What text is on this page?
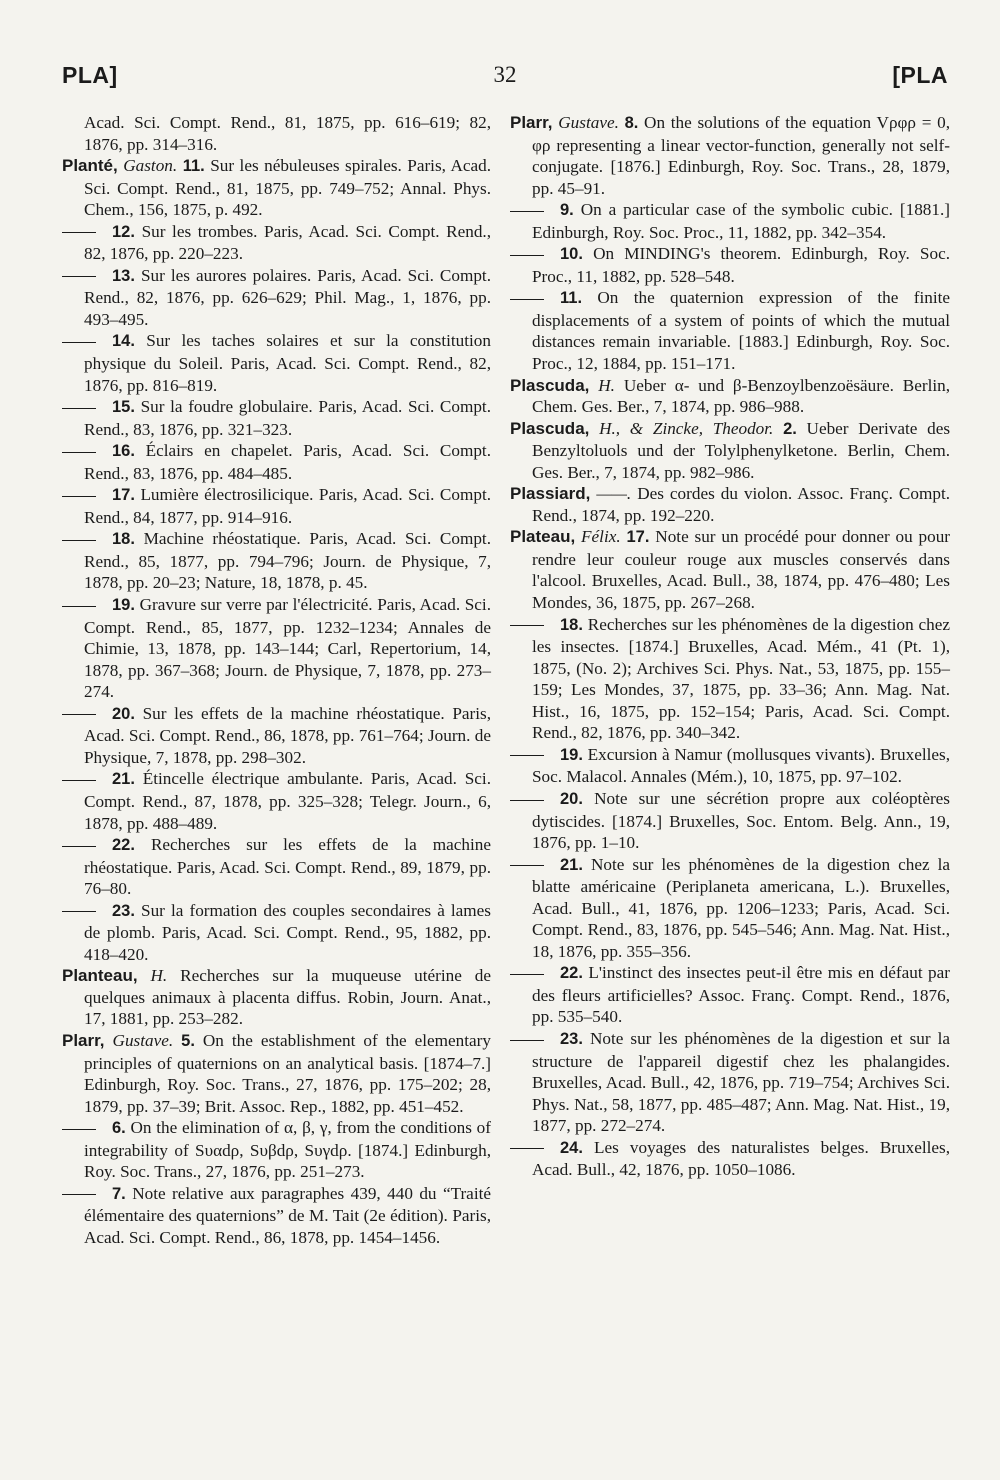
PLA]	32	[PLA

Acad. Sci. Compt. Rend., 81, 1875, pp. 616–619; 82, 1876, pp. 314–316.

Planté, Gaston. 11. Sur les nébuleuses spirales. Paris, Acad. Sci. Compt. Rend., 81, 1875, pp. 749–752; Annal. Phys. Chem., 156, 1875, p. 492.

12. Sur les trombes. Paris, Acad. Sci. Compt. Rend., 82, 1876, pp. 220–223.

13. Sur les aurores polaires. Paris, Acad. Sci. Compt. Rend., 82, 1876, pp. 626–629; Phil. Mag., 1, 1876, pp. 493–495.

14. Sur les taches solaires et sur la constitution physique du Soleil. Paris, Acad. Sci. Compt. Rend., 82, 1876, pp. 816–819.

15. Sur la foudre globulaire. Paris, Acad. Sci. Compt. Rend., 83, 1876, pp. 321–323.

16. Éclairs en chapelet. Paris, Acad. Sci. Compt. Rend., 83, 1876, pp. 484–485.

17. Lumière électrosilicique. Paris, Acad. Sci. Compt. Rend., 84, 1877, pp. 914–916.

18. Machine rhéostatique. Paris, Acad. Sci. Compt. Rend., 85, 1877, pp. 794–796; Journ. de Physique, 7, 1878, pp. 20–23; Nature, 18, 1878, p. 45.

19. Gravure sur verre par l'électricité. Paris, Acad. Sci. Compt. Rend., 85, 1877, pp. 1232–1234; Annales de Chimie, 13, 1878, pp. 143–144; Carl, Repertorium, 14, 1878, pp. 367–368; Journ. de Physique, 7, 1878, pp. 273–274.

20. Sur les effets de la machine rhéostatique. Paris, Acad. Sci. Compt. Rend., 86, 1878, pp. 761–764; Journ. de Physique, 7, 1878, pp. 298–302.

21. Étincelle électrique ambulante. Paris, Acad. Sci. Compt. Rend., 87, 1878, pp. 325–328; Telegr. Journ., 6, 1878, pp. 488–489.

22. Recherches sur les effets de la machine rhéostatique. Paris, Acad. Sci. Compt. Rend., 89, 1879, pp. 76–80.

23. Sur la formation des couples secondaires à lames de plomb. Paris, Acad. Sci. Compt. Rend., 95, 1882, pp. 418–420.

Planteau, H. Recherches sur la muqueuse utérine de quelques animaux à placenta diffus. Robin, Journ. Anat., 17, 1881, pp. 253–282.

Plarr, Gustave. 5. On the establishment of the elementary principles of quaternions on an analytical basis. [1874–7.] Edinburgh, Roy. Soc. Trans., 27, 1876, pp. 175–202; 28, 1879, pp. 37–39; Brit. Assoc. Rep., 1882, pp. 451–452.

6. On the elimination of α, β, γ, from the conditions of integrability of Sυαdρ, Sυβdρ, Sυγdρ. [1874.] Edinburgh, Roy. Soc. Trans., 27, 1876, pp. 251–273.

7. Note relative aux paragraphes 439, 440 du “Traité élémentaire des quaternions” de M. Tait (2e édition). Paris, Acad. Sci. Compt. Rend., 86, 1878, pp. 1454–1456.

Plarr, Gustave. 8. On the solutions of the equation Vρφρ = 0, φρ representing a linear vector-function, generally not self-conjugate. [1876.] Edinburgh, Roy. Soc. Trans., 28, 1879, pp. 45–91.

9. On a particular case of the symbolic cubic. [1881.] Edinburgh, Roy. Soc. Proc., 11, 1882, pp. 342–354.

10. On MINDING's theorem. Edinburgh, Roy. Soc. Proc., 11, 1882, pp. 528–548.

11. On the quaternion expression of the finite displacements of a system of points of which the mutual distances remain invariable. [1883.] Edinburgh, Roy. Soc. Proc., 12, 1884, pp. 151–171.

Plascuda, H. Ueber α- und β-Benzoylbenzoësäure. Berlin, Chem. Ges. Ber., 7, 1874, pp. 986–988.

Plascuda, H., & Zincke, Theodor. 2. Ueber Derivate des Benzyltoluols und der Tolylphenylketone. Berlin, Chem. Ges. Ber., 7, 1874, pp. 982–986.

Plassiard, ——. Des cordes du violon. Assoc. Franç. Compt. Rend., 1874, pp. 192–220.

Plateau, Félix. 17. Note sur un procédé pour donner ou pour rendre leur couleur rouge aux muscles conservés dans l'alcool. Bruxelles, Acad. Bull., 38, 1874, pp. 476–480; Les Mondes, 36, 1875, pp. 267–268.

18. Recherches sur les phénomènes de la digestion chez les insectes. [1874.] Bruxelles, Acad. Mém., 41 (Pt. 1), 1875, (No. 2); Archives Sci. Phys. Nat., 53, 1875, pp. 155–159; Les Mondes, 37, 1875, pp. 33–36; Ann. Mag. Nat. Hist., 16, 1875, pp. 152–154; Paris, Acad. Sci. Compt. Rend., 82, 1876, pp. 340–342.

19. Excursion à Namur (mollusques vivants). Bruxelles, Soc. Malacol. Annales (Mém.), 10, 1875, pp. 97–102.

20. Note sur une sécrétion propre aux coléoptères dytiscides. [1874.] Bruxelles, Soc. Entom. Belg. Ann., 19, 1876, pp. 1–10.

21. Note sur les phénomènes de la digestion chez la blatte américaine (Periplaneta americana, L.). Bruxelles, Acad. Bull., 41, 1876, pp. 1206–1233; Paris, Acad. Sci. Compt. Rend., 83, 1876, pp. 545–546; Ann. Mag. Nat. Hist., 18, 1876, pp. 355–356.

22. L'instinct des insectes peut-il être mis en défaut par des fleurs artificielles? Assoc. Franç. Compt. Rend., 1876, pp. 535–540.

23. Note sur les phénomènes de la digestion et sur la structure de l'appareil digestif chez les phalangides. Bruxelles, Acad. Bull., 42, 1876, pp. 719–754; Archives Sci. Phys. Nat., 58, 1877, pp. 485–487; Ann. Mag. Nat. Hist., 19, 1877, pp. 272–274.

24. Les voyages des naturalistes belges. Bruxelles, Acad. Bull., 42, 1876, pp. 1050–1086.
